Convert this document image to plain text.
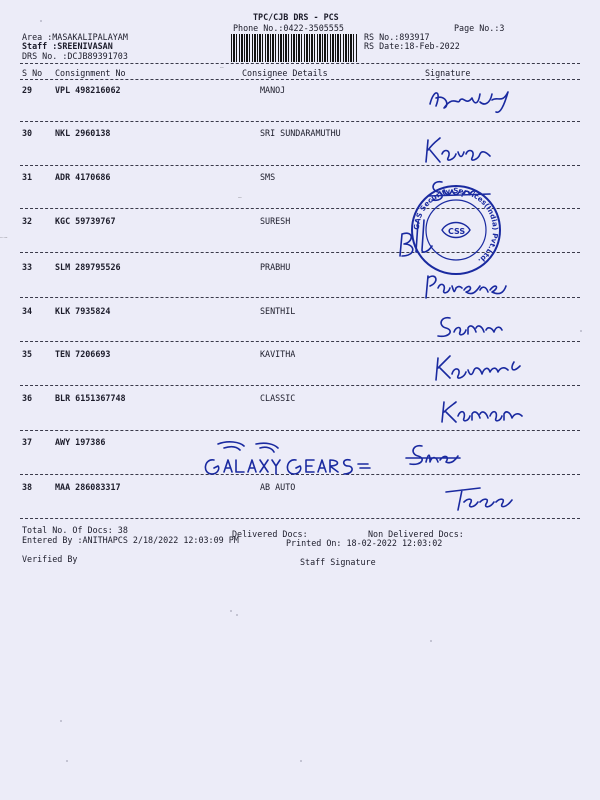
TPC/CJB DRS - PCS
Phone No.:0422-3505555	Page No.:3
Area :MASAKALIPALAYAM
Staff :SREENIVASAN
DRS No. :DCJB89391703
RS No.:893917
RS Date:18-Feb-2022
S No Consignment No	Consignee Details	Signature
29	VPL 498216062	MANOJ
30	NKL 2960138	SRI SUNDARAMUTHU
31	ADR 4170686	SMS
32	KGC 59739767	SURESH
33	SLM 289795526	PRABHU
34	KLK 7935824	SENTHIL
35	TEN 7206693	KAVITHA
36	BLR 6151367748	CLASSIC
37	AWY 197386
38	MAA 286083317	AB AUTO
CSS
GAS Security Services(India) Pvt.Ltd.
Parene
Kannan
GALAXY GEARS
Total No. Of Docs: 38	Delivered Docs:	Non Delivered Docs:
Entered By :ANITHAPCS 2/18/2022 12:03:09 PM	Printed On: 18-02-2022 12:03:02
Verified By	Staff Signature
